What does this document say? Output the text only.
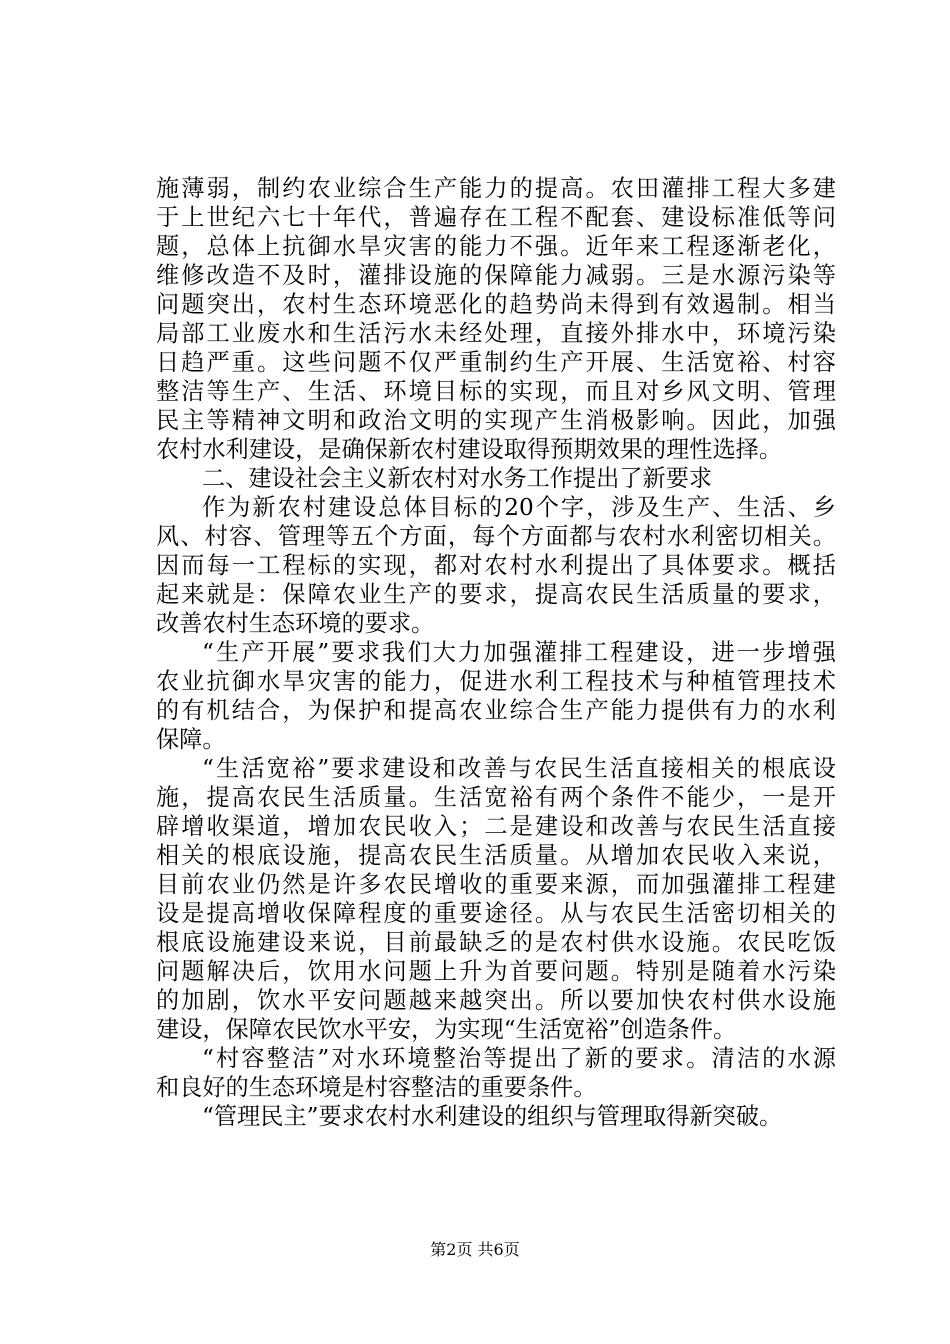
施薄弱，制约农业综合生产能力的提高。农田灌排工程大多建
于上世纪六七十年代，普遍存在工程不配套、建设标准低等问
题，总体上抗御水旱灾害的能力不强。近年来工程逐渐老化，
维修改造不及时，灌排设施的保障能力减弱。三是水源污染等
问题突出，农村生态环境恶化的趋势尚未得到有效遏制。相当
局部工业废水和生活污水未经处理，直接外排水中，环境污染
日趋严重。这些问题不仅严重制约生产开展、生活宽裕、村容
整洁等生产、生活、环境目标的实现，而且对乡风文明、管理
民主等精神文明和政治文明的实现产生消极影响。因此，加强
农村水利建设，是确保新农村建设取得预期效果的理性选择。
二、建设社会主义新农村对水务工作提出了新要求
作为新农村建设总体目标的20个字，涉及生产、生活、乡
风、村容、管理等五个方面，每个方面都与农村水利密切相关。
因而每一工程标的实现，都对农村水利提出了具体要求。概括
起来就是：保障农业生产的要求，提高农民生活质量的要求，
改善农村生态环境的要求。
“生产开展”要求我们大力加强灌排工程建设，进一步增强
农业抗御水旱灾害的能力，促进水利工程技术与种植管理技术
的有机结合，为保护和提高农业综合生产能力提供有力的水利
保障。
“生活宽裕”要求建设和改善与农民生活直接相关的根底设
施，提高农民生活质量。生活宽裕有两个条件不能少，一是开
辟增收渠道，增加农民收入；二是建设和改善与农民生活直接
相关的根底设施，提高农民生活质量。从增加农民收入来说，
目前农业仍然是许多农民增收的重要来源，而加强灌排工程建
设是提高增收保障程度的重要途径。从与农民生活密切相关的
根底设施建设来说，目前最缺乏的是农村供水设施。农民吃饭
问题解决后，饮用水问题上升为首要问题。特别是随着水污染
的加剧，饮水平安问题越来越突出。所以要加快农村供水设施
建设，保障农民饮水平安，为实现“生活宽裕”创造条件。
“村容整洁”对水环境整治等提出了新的要求。清洁的水源
和良好的生态环境是村容整洁的重要条件。
“管理民主”要求农村水利建设的组织与管理取得新突破。
第2页 共6页
